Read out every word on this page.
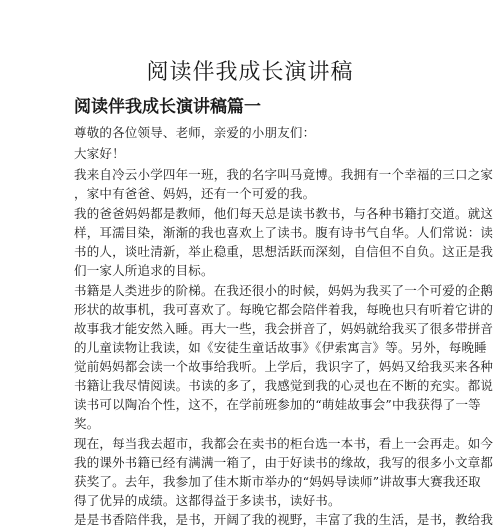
阅读伴我成长演讲稿
阅读伴我成长演讲稿篇一
尊敬的各位领导、老师，亲爱的小朋友们：
大家好！
我来自冷云小学四年一班，我的名字叫马竟博。我拥有一个幸福的三口之家
，家中有爸爸、妈妈，还有一个可爱的我。
我的爸爸妈妈都是教师，他们每天总是读书教书，与各种书籍打交道。就这
样，耳濡目染，渐渐的我也喜欢上了读书。腹有诗书气自华。人们常说：读
书的人，谈吐清新，举止稳重，思想活跃而深刻，自信但不自负。这正是我
们一家人所追求的目标。
书籍是人类进步的阶梯。在我还很小的时候，妈妈为我买了一个可爱的企鹅
形状的故事机，我可喜欢了。每晚它都会陪伴着我，每晚也只有听着它讲的
故事我才能安然入睡。再大一些，我会拼音了，妈妈就给我买了很多带拼音
的儿童读物让我读，如《安徒生童话故事》《伊索寓言》等。另外，每晚睡
觉前妈妈都会读一个故事给我听。上学后，我识字了，妈妈又给我买来各种
书籍让我尽情阅读。书读的多了，我感觉到我的心灵也在不断的充实。都说
读书可以陶冶个性，这不，在学前班参加的“萌娃故事会”中我获得了一等
奖。
现在，每当我去超市，我都会在卖书的柜台选一本书，看上一会再走。如今
我的课外书籍已经有满满一箱了，由于好读书的缘故，我写的很多小文章都
获奖了。去年，我参加了佳木斯市举办的“妈妈导读师”讲故事大赛我还取
得了优异的成绩。这都得益于多读书，读好书。
是是书香陪伴我，是书，开阔了我的视野，丰富了我的生活，是书，教给我
